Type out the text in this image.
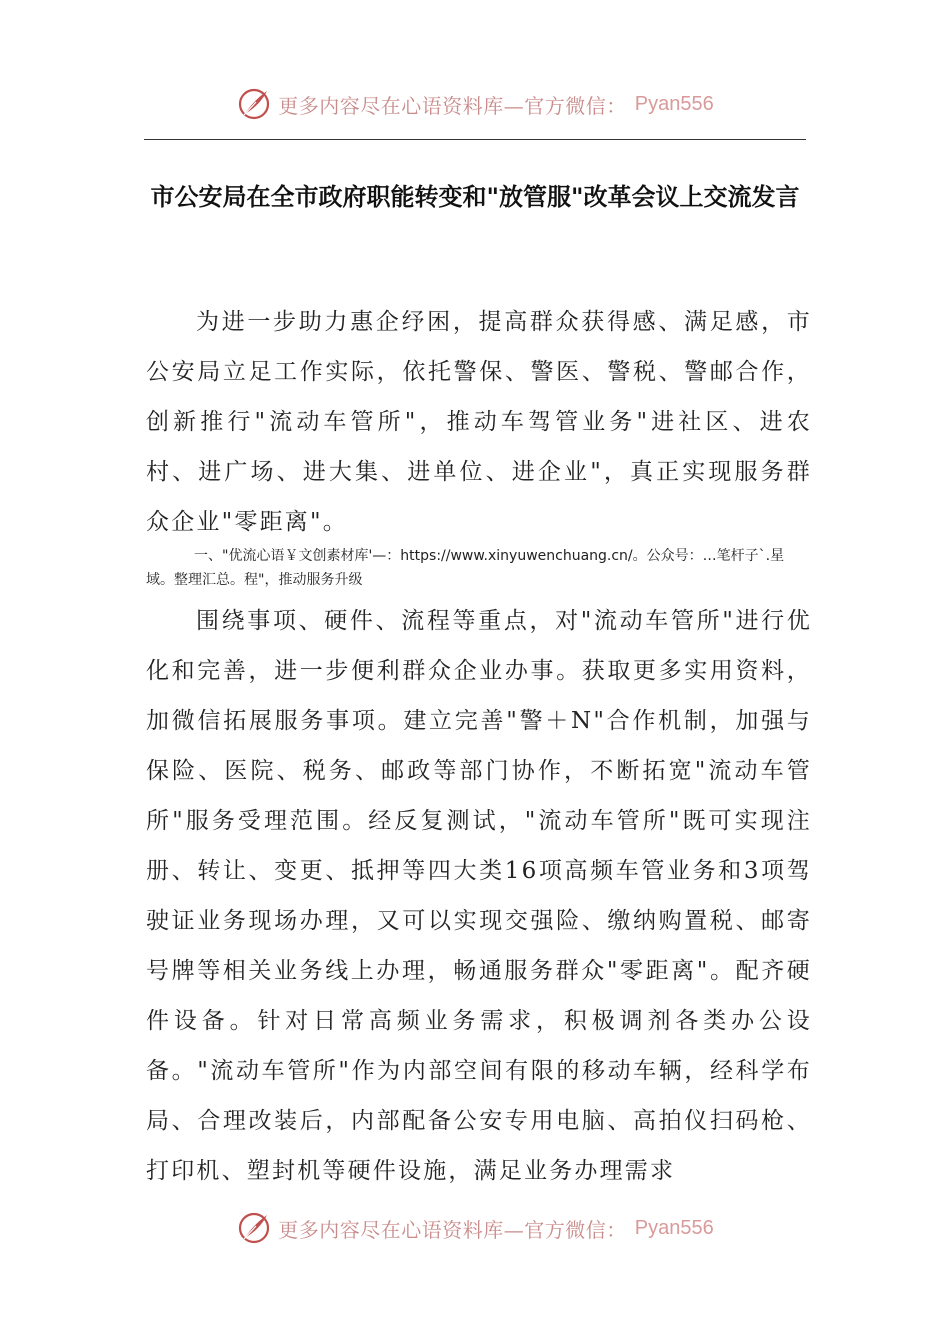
更多内容尽在心语资料库—官方微信： Pyan556
市公安局在全市政府职能转变和"放管服"改革会议上交流发言

为进一步助力惠企纾困，提高群众获得感、满足感，市公安局立足工作实际，依托警保、警医、警税、警邮合作，创新推行"流动车管所"，推动车驾管业务"进社区、进农村、进广场、进大集、进单位、进企业"，真正实现服务群众企业"零距离"。

一、"优流心语￥文创素材库'—：https://www.xinyuwenchuang.cn/。公众号：…笔杆子`.星域。整理汇总。程"，推动服务升级

围绕事项、硬件、流程等重点，对"流动车管所"进行优化和完善，进一步便利群众企业办事。获取更多实用资料，加微信拓展服务事项。建立完善"警＋N"合作机制，加强与保险、医院、税务、邮政等部门协作，不断拓宽"流动车管所"服务受理范围。经反复测试，"流动车管所"既可实现注册、转让、变更、抵押等四大类16项高频车管业务和3项驾驶证业务现场办理，又可以实现交强险、缴纳购置税、邮寄号牌等相关业务线上办理，畅通服务群众"零距离"。配齐硬件设备。针对日常高频业务需求，积极调剂各类办公设备。"流动车管所"作为内部空间有限的移动车辆，经科学布局、合理改装后，内部配备公安专用电脑、高拍仪扫码枪、打印机、塑封机等硬件设施，满足业务办理需求

更多内容尽在心语资料库—官方微信： Pyan556
